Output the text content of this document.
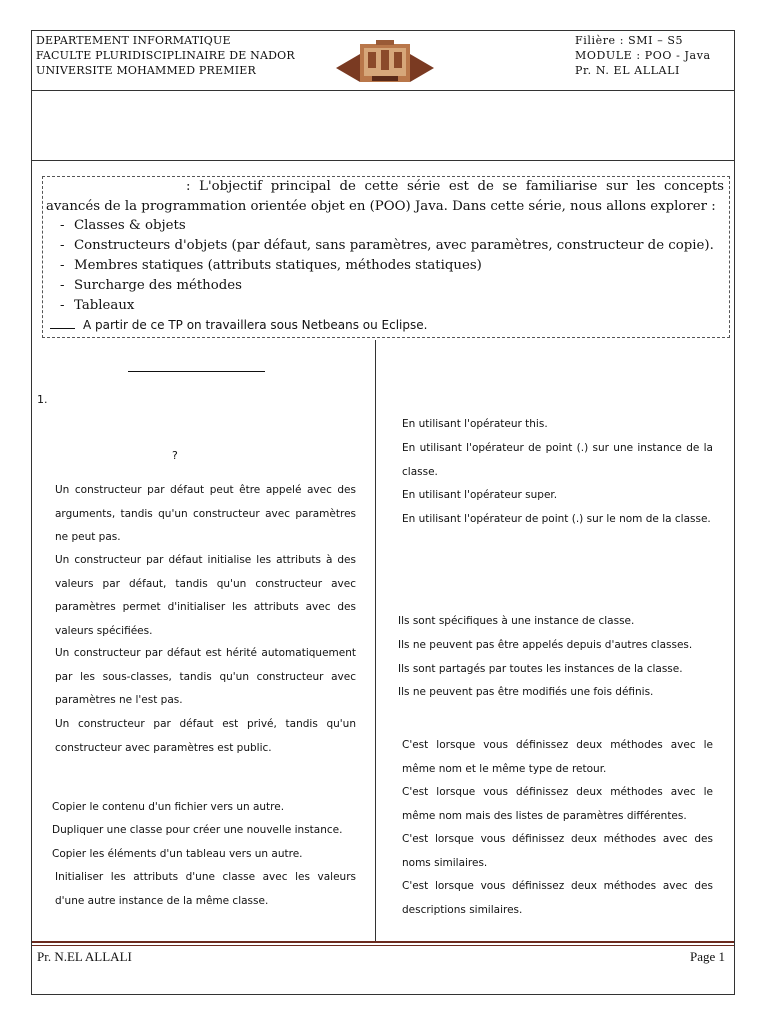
DEPARTEMENT INFORMATIQUE
FACULTE PLURIDISCIPLINAIRE DE NADOR
UNIVERSITE MOHAMMED PREMIER
Filière : SMI – S5
MODULE : POO - Java
Pr. N. EL ALLALI
: L'objectif principal de cette série est de se familiarise sur les concepts avancés de la programmation orientée objet en (POO) Java. Dans cette série, nous allons explorer :
- Classes & objets
- Constructeurs d'objets (par défaut, sans paramètres, avec paramètres, constructeur de copie).
- Membres statiques (attributs statiques, méthodes statiques)
- Surcharge des méthodes
- Tableaux
A partir de ce TP on travaillera sous Netbeans ou Eclipse.
1.
?
Un constructeur par défaut peut être appelé avec des arguments, tandis qu'un constructeur avec paramètres ne peut pas.
Un constructeur par défaut initialise les attributs à des valeurs par défaut, tandis qu'un constructeur avec paramètres permet d'initialiser les attributs avec des valeurs spécifiées.
Un constructeur par défaut est hérité automatiquement par les sous-classes, tandis qu'un constructeur avec paramètres ne l'est pas.
Un constructeur par défaut est privé, tandis qu'un constructeur avec paramètres est public.
Copier le contenu d'un fichier vers un autre.
Dupliquer une classe pour créer une nouvelle instance.
Copier les éléments d'un tableau vers un autre.
Initialiser les attributs d'une classe avec les valeurs d'une autre instance de la même classe.
En utilisant l'opérateur this.
En utilisant l'opérateur de point (.) sur une instance de la classe.
En utilisant l'opérateur super.
En utilisant l'opérateur de point (.) sur le nom de la classe.
Ils sont spécifiques à une instance de classe.
Ils ne peuvent pas être appelés depuis d'autres classes.
Ils sont partagés par toutes les instances de la classe.
Ils ne peuvent pas être modifiés une fois définis.
C'est lorsque vous définissez deux méthodes avec le même nom et le même type de retour.
C'est lorsque vous définissez deux méthodes avec le même nom mais des listes de paramètres différentes.
C'est lorsque vous définissez deux méthodes avec des noms similaires.
C'est lorsque vous définissez deux méthodes avec des descriptions similaires.
Pr. N.EL ALLALI	Page 1
